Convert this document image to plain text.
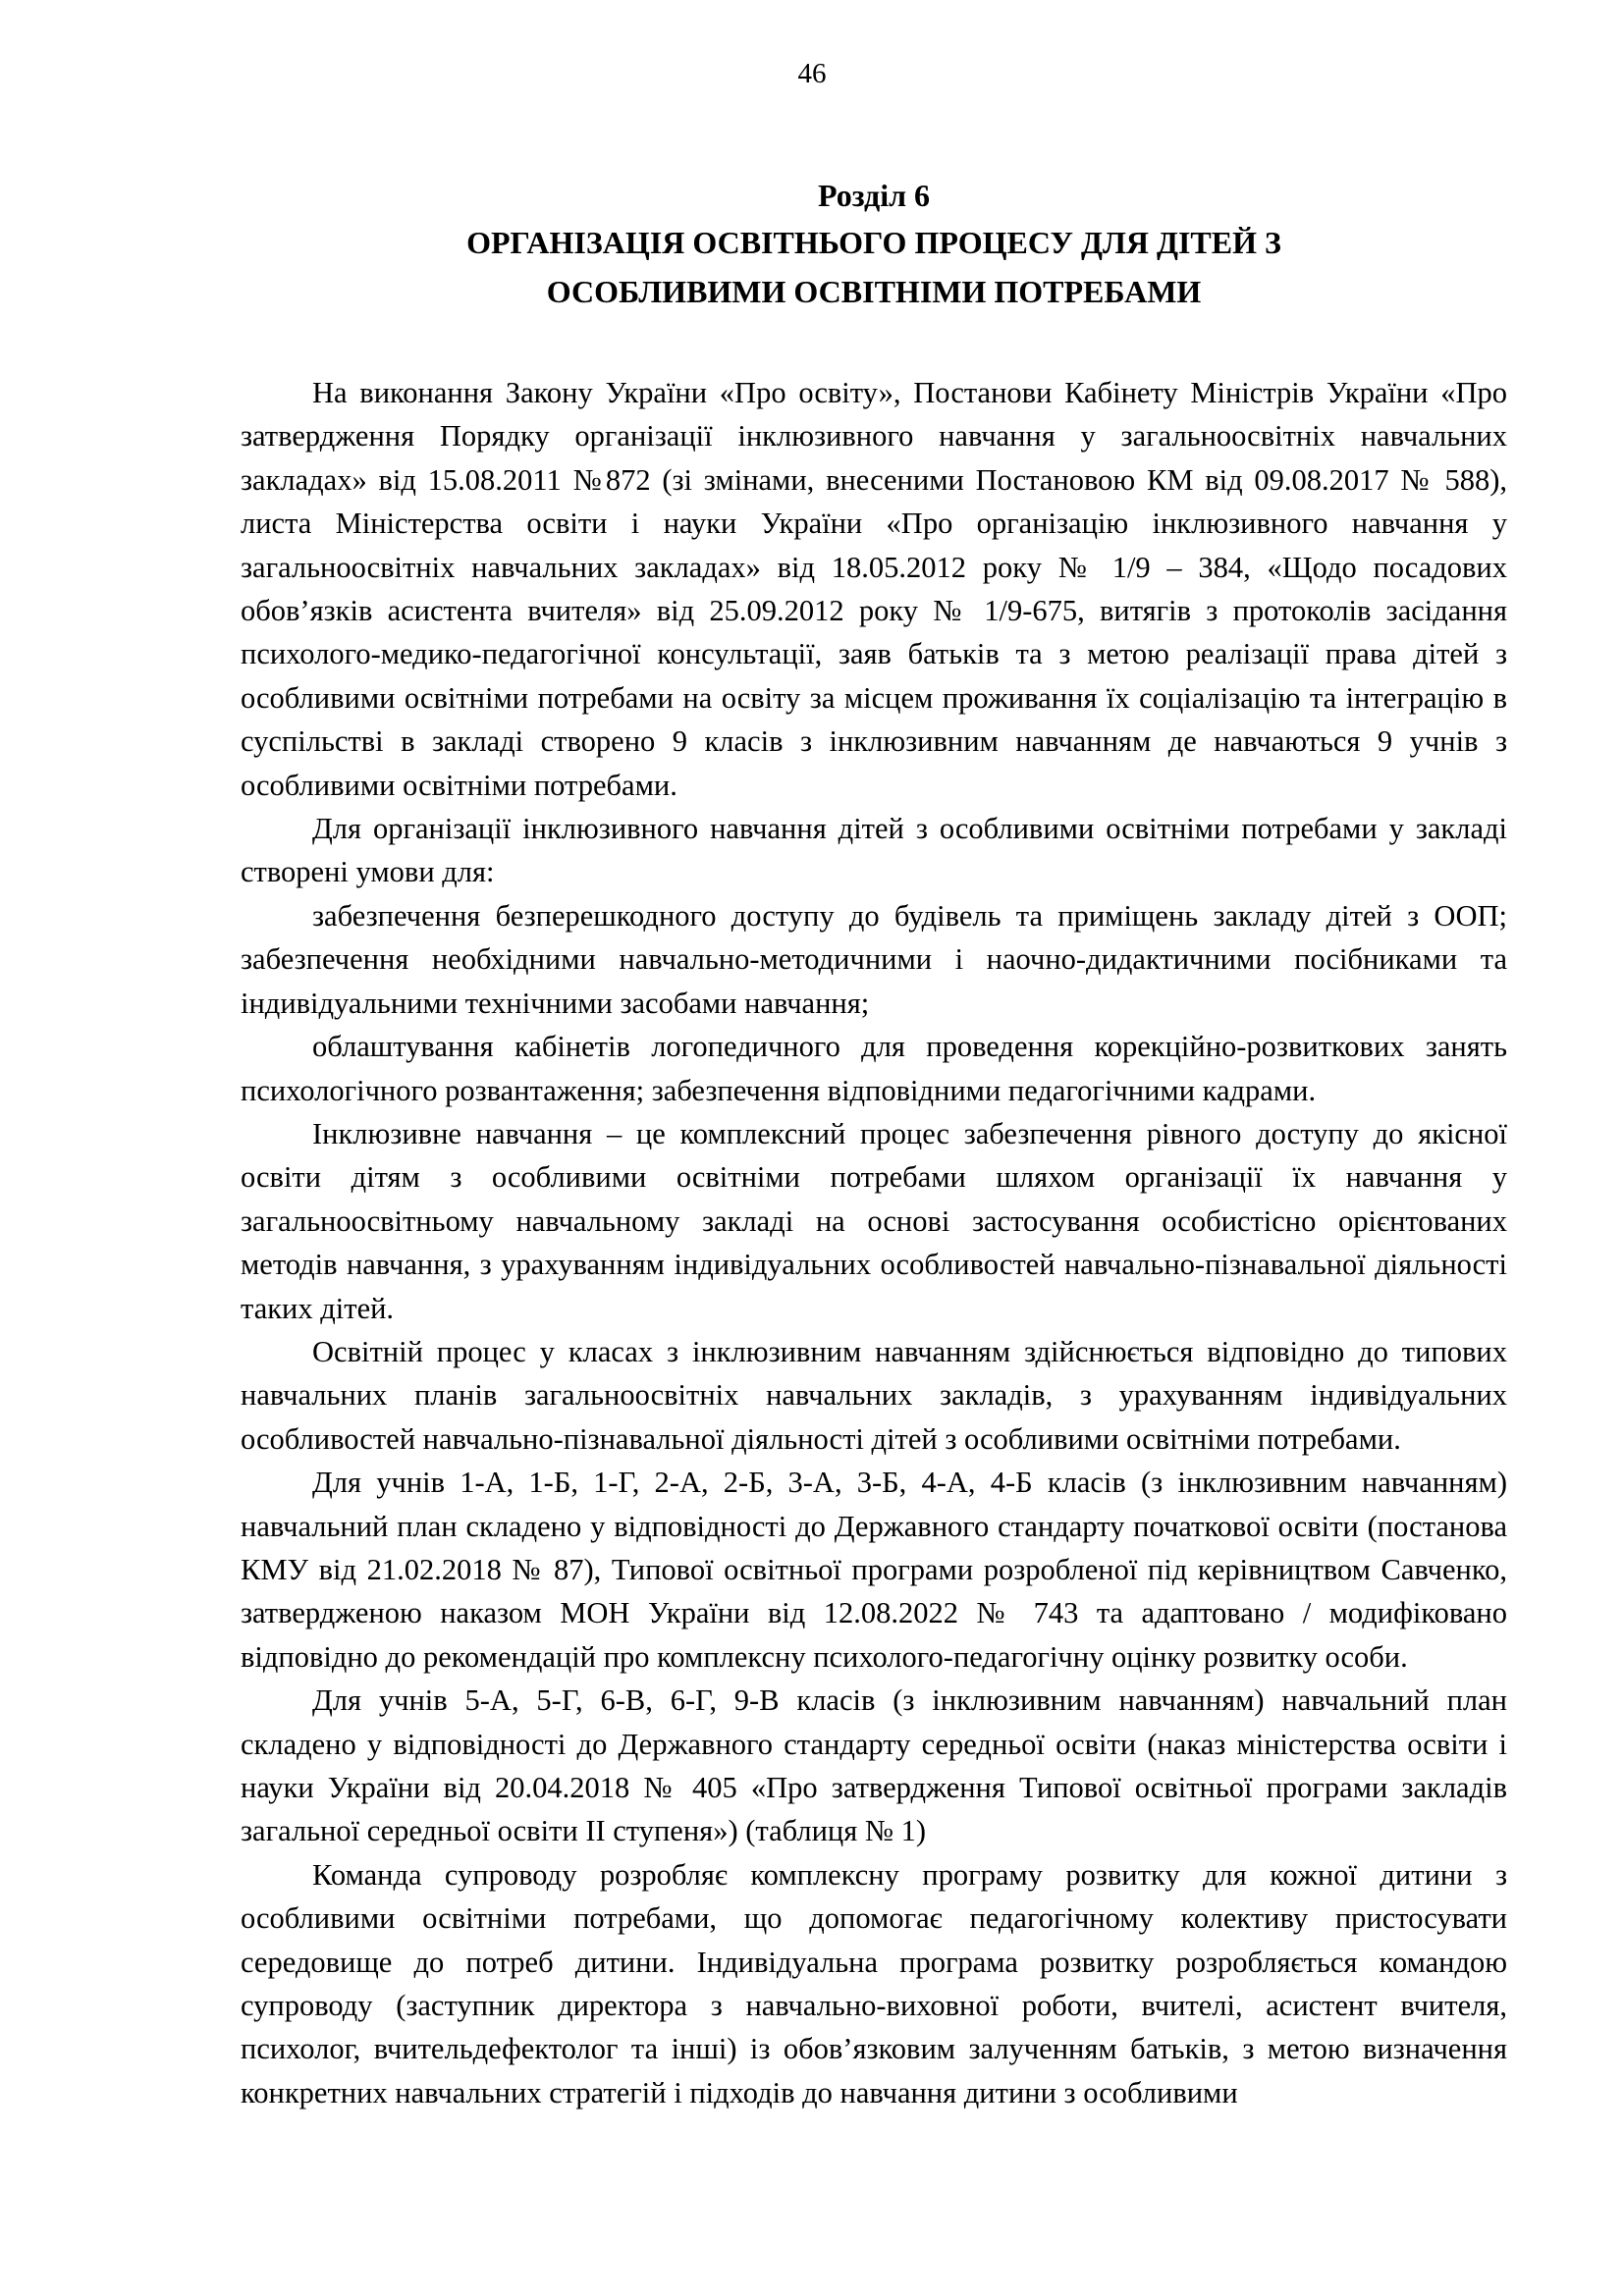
46
Розділ 6
ОРГАНІЗАЦІЯ ОСВІТНЬОГО ПРОЦЕСУ ДЛЯ ДІТЕЙ З
ОСОБЛИВИМИ ОСВІТНІМИ ПОТРЕБАМИ

На виконання Закону України «Про освіту», Постанови Кабінету Міністрів України «Про затвердження Порядку організації інклюзивного навчання у загальноосвітніх навчальних закладах» від 15.08.2011 №872 (зі змінами, внесеними Постановою КМ від 09.08.2017 № 588), листа Міністерства освіти і науки України «Про організацію інклюзивного навчання у загальноосвітніх навчальних закладах» від 18.05.2012 року № 1/9 – 384, «Щодо посадових обов’язків асистента вчителя» від 25.09.2012 року № 1/9-675, витягів з протоколів засідання психолого-медико-педагогічної консультації, заяв батьків та з метою реалізації права дітей з особливими освітніми потребами на освіту за місцем проживання їх соціалізацію та інтеграцію в суспільстві в закладі створено 9 класів з інклюзивним навчанням де навчаються 9 учнів з особливими освітніми потребами.

Для організації інклюзивного навчання дітей з особливими освітніми потребами у закладі створені умови для:

забезпечення безперешкодного доступу до будівель та приміщень закладу дітей з ООП; забезпечення необхідними навчально-методичними і наочно-дидактичними посібниками та індивідуальними технічними засобами навчання;

облаштування кабінетів логопедичного для проведення корекційно-розвиткових занять психологічного розвантаження; забезпечення відповідними педагогічними кадрами.

Інклюзивне навчання – це комплексний процес забезпечення рівного доступу до якісної освіти дітям з особливими освітніми потребами шляхом організації їх навчання у загальноосвітньому навчальному закладі на основі застосування особистісно орієнтованих методів навчання, з урахуванням індивідуальних особливостей навчально-пізнавальної діяльності таких дітей.

Освітній процес у класах з інклюзивним навчанням здійснюється відповідно до типових навчальних планів загальноосвітніх навчальних закладів, з урахуванням індивідуальних особливостей навчально-пізнавальної діяльності дітей з особливими освітніми потребами.

Для учнів 1-А, 1-Б, 1-Г, 2-А, 2-Б, 3-А, 3-Б, 4-А, 4-Б класів (з інклюзивним навчанням) навчальний план складено у відповідності до Державного стандарту початкової освіти (постанова КМУ від 21.02.2018 № 87), Типової освітньої програми розробленої під керівництвом Савченко, затвердженою наказом МОН України від 12.08.2022 № 743 та адаптовано / модифіковано відповідно до рекомендацій про комплексну психолого-педагогічну оцінку розвитку особи.

Для учнів 5-А, 5-Г, 6-В, 6-Г, 9-В класів (з інклюзивним навчанням) навчальний план складено у відповідності до Державного стандарту середньої освіти (наказ міністерства освіти і науки України від 20.04.2018 № 405 «Про затвердження Типової освітньої програми закладів загальної середньої освіти II ступеня») (таблиця № 1)

Команда супроводу розробляє комплексну програму розвитку для кожної дитини з особливими освітніми потребами, що допомогає педагогічному колективу пристосувати середовище до потреб дитини. Індивідуальна програма розвитку розробляється командою супроводу (заступник директора з навчально-виховної роботи, вчителі, асистент вчителя, психолог, вчительдефектолог та інші) із обов’язковим залученням батьків, з метою визначення конкретних навчальних стратегій і підходів до навчання дитини з особливими
